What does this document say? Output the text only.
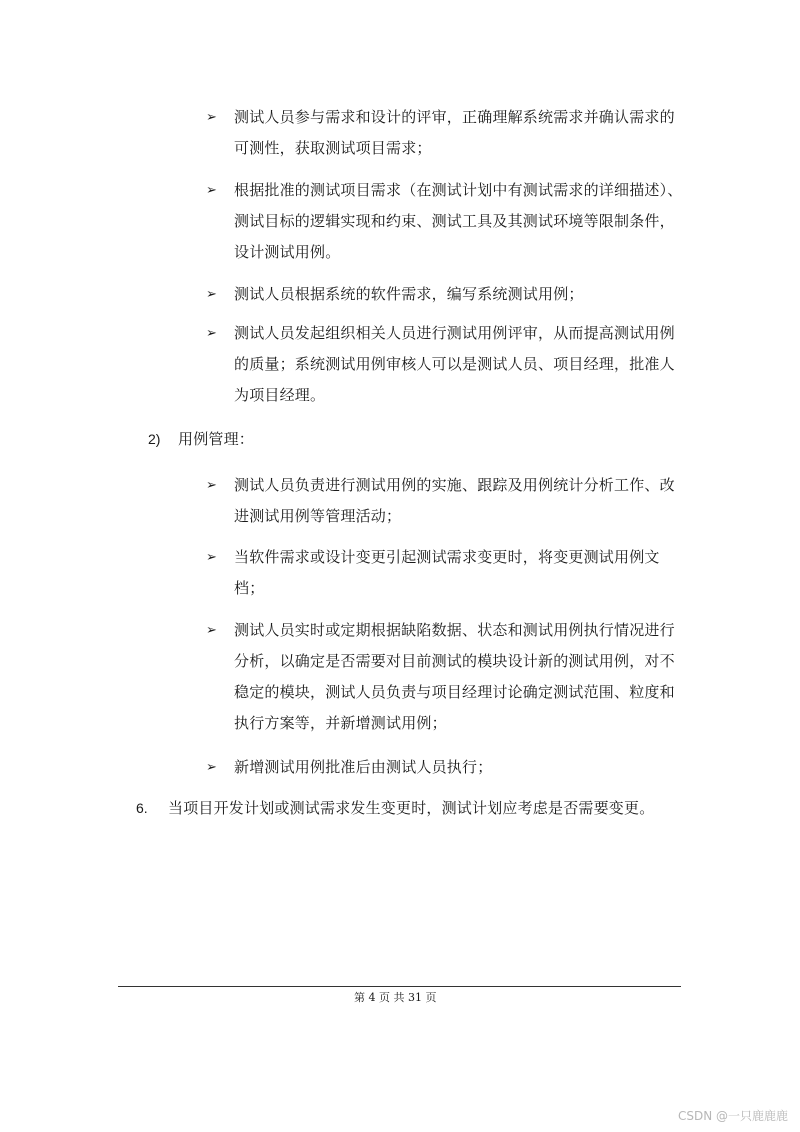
➢ 测试人员参与需求和设计的评审，正确理解系统需求并确认需求的可测性，获取测试项目需求；
➢ 根据批准的测试项目需求（在测试计划中有测试需求的详细描述）、测试目标的逻辑实现和约束、测试工具及其测试环境等限制条件，设计测试用例。
➢ 测试人员根据系统的软件需求，编写系统测试用例；
➢ 测试人员发起组织相关人员进行测试用例评审，从而提高测试用例的质量；系统测试用例审核人可以是测试人员、项目经理，批准人为项目经理。
2) 用例管理：
➢ 测试人员负责进行测试用例的实施、跟踪及用例统计分析工作、改进测试用例等管理活动；
➢ 当软件需求或设计变更引起测试需求变更时，将变更测试用例文档；
➢ 测试人员实时或定期根据缺陷数据、状态和测试用例执行情况进行分析，以确定是否需要对目前测试的模块设计新的测试用例，对不稳定的模块，测试人员负责与项目经理讨论确定测试范围、粒度和执行方案等，并新增测试用例；
➢ 新增测试用例批准后由测试人员执行；
6. 当项目开发计划或测试需求发生变更时，测试计划应考虑是否需要变更。
第 4 页 共 31 页
CSDN @一只鹿鹿鹿
